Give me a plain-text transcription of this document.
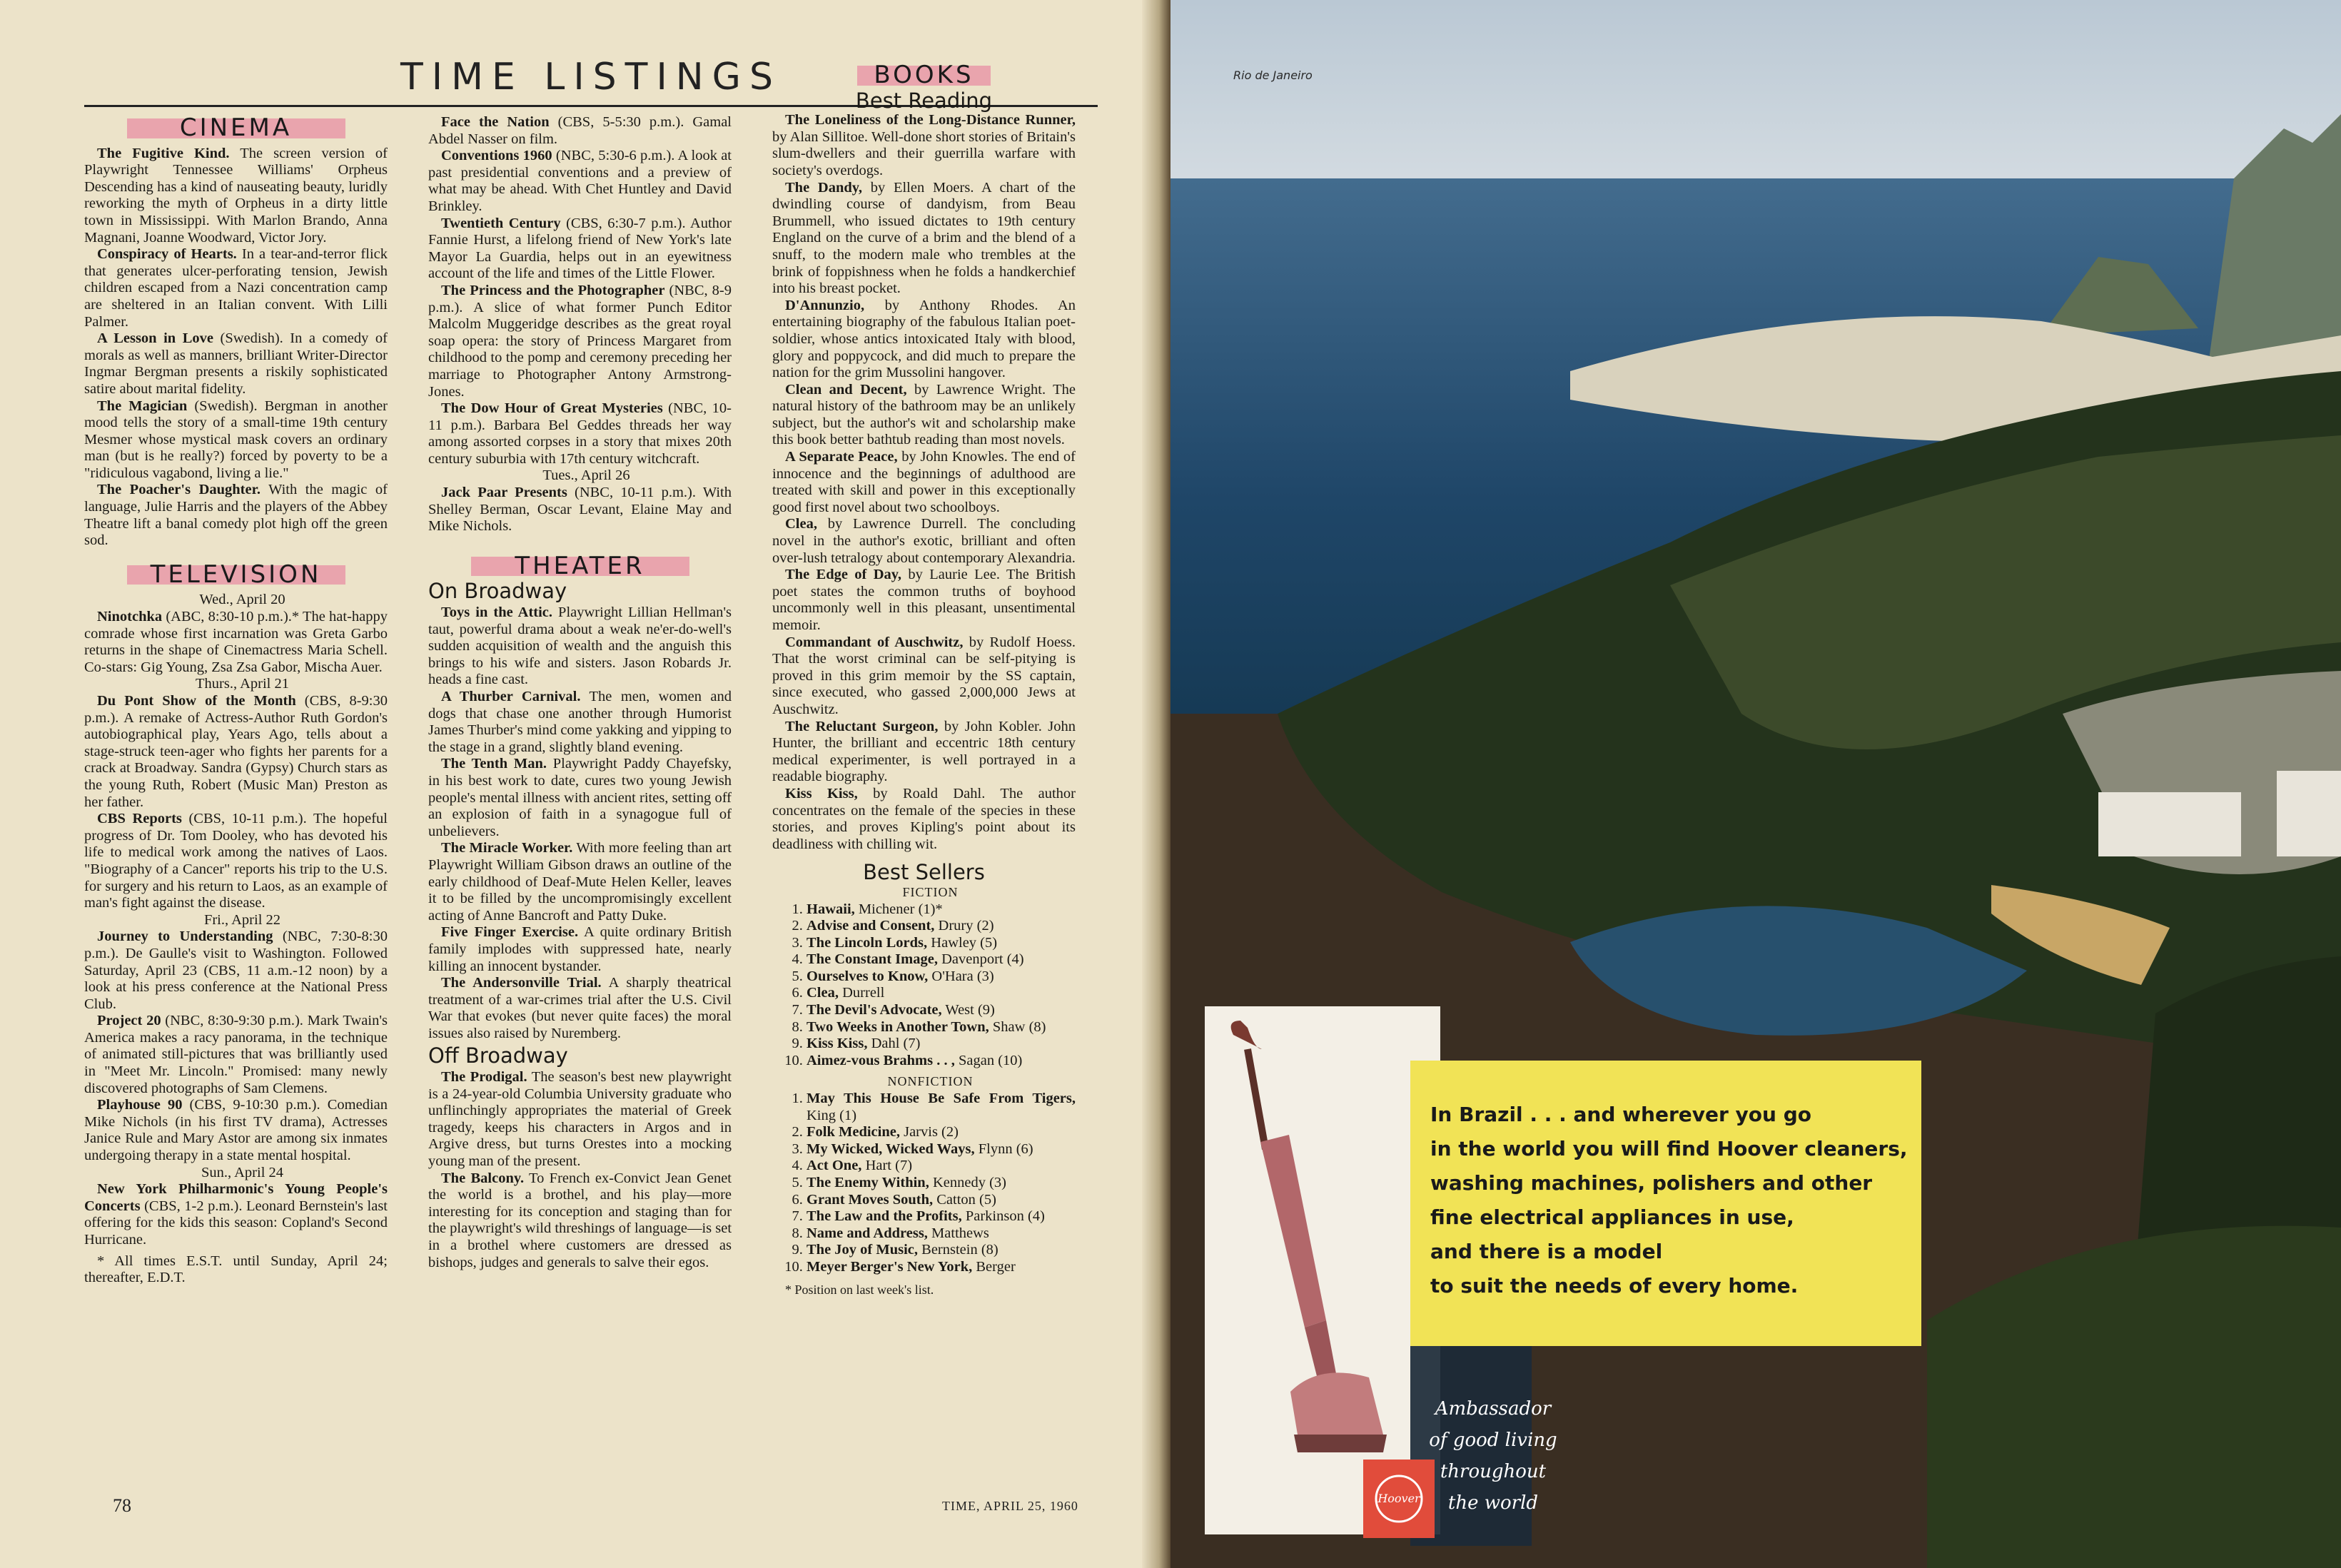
TIME LISTINGS
CINEMA

The Fugitive Kind. The screen version of Playwright Tennessee Williams' Orpheus Descending has a kind of nauseating beauty, luridly reworking the myth of Orpheus in a dirty little town in Mississippi. With Marlon Brando, Anna Magnani, Joanne Woodward, Victor Jory.

Conspiracy of Hearts. In a tear-and-terror flick that generates ulcer-perforating tension, Jewish children escaped from a Nazi concentration camp are sheltered in an Italian convent. With Lilli Palmer.

A Lesson in Love (Swedish). In a comedy of morals as well as manners, brilliant Writer-Director Ingmar Bergman presents a riskily sophisticated satire about marital fidelity.

The Magician (Swedish). Bergman in another mood tells the story of a small-time 19th century Mesmer whose mystical mask covers an ordinary man (but is he really?) forced by poverty to be a "ridiculous vagabond, living a lie."

The Poacher's Daughter. With the magic of language, Julie Harris and the players of the Abbey Theatre lift a banal comedy plot high off the green sod.

TELEVISION

Wed., April 20

Ninotchka (ABC, 8:30-10 p.m.).* The hat-happy comrade whose first incarnation was Greta Garbo returns in the shape of Cinemactress Maria Schell. Co-stars: Gig Young, Zsa Zsa Gabor, Mischa Auer.

Thurs., April 21

Du Pont Show of the Month (CBS, 8-9:30 p.m.). A remake of Actress-Author Ruth Gordon's autobiographical play, Years Ago, tells about a stage-struck teen-ager who fights her parents for a crack at Broadway. Sandra (Gypsy) Church stars as the young Ruth, Robert (Music Man) Preston as her father.

CBS Reports (CBS, 10-11 p.m.). The hopeful progress of Dr. Tom Dooley, who has devoted his life to medical work among the natives of Laos. "Biography of a Cancer" reports his trip to the U.S. for surgery and his return to Laos, as an example of man's fight against the disease.

Fri., April 22

Journey to Understanding (NBC, 7:30-8:30 p.m.). De Gaulle's visit to Washington. Followed Saturday, April 23 (CBS, 11 a.m.-12 noon) by a look at his press conference at the National Press Club.

Project 20 (NBC, 8:30-9:30 p.m.). Mark Twain's America makes a racy panorama, in the technique of animated still-pictures that was brilliantly used in "Meet Mr. Lincoln." Promised: many newly discovered photographs of Sam Clemens.

Playhouse 90 (CBS, 9-10:30 p.m.). Comedian Mike Nichols (in his first TV drama), Actresses Janice Rule and Mary Astor are among six inmates undergoing therapy in a state mental hospital.

Sun., April 24

New York Philharmonic's Young People's Concerts (CBS, 1-2 p.m.). Leonard Bernstein's last offering for the kids this season: Copland's Second Hurricane.

* All times E.S.T. until Sunday, April 24; thereafter, E.D.T.

Face the Nation (CBS, 5-5:30 p.m.). Gamal Abdel Nasser on film.

Conventions 1960 (NBC, 5:30-6 p.m.). A look at past presidential conventions and a preview of what may be ahead. With Chet Huntley and David Brinkley.

Twentieth Century (CBS, 6:30-7 p.m.). Author Fannie Hurst, a lifelong friend of New York's late Mayor La Guardia, helps out in an eyewitness account of the life and times of the Little Flower.

The Princess and the Photographer (NBC, 8-9 p.m.). A slice of what former Punch Editor Malcolm Muggeridge describes as the great royal soap opera: the story of Princess Margaret from childhood to the pomp and ceremony preceding her marriage to Photographer Antony Armstrong-Jones.

The Dow Hour of Great Mysteries (NBC, 10-11 p.m.). Barbara Bel Geddes threads her way among assorted corpses in a story that mixes 20th century suburbia with 17th century witchcraft.

Tues., April 26

Jack Paar Presents (NBC, 10-11 p.m.). With Shelley Berman, Oscar Levant, Elaine May and Mike Nichols.

THEATER
On Broadway

Toys in the Attic. Playwright Lillian Hellman's taut, powerful drama about a weak ne'er-do-well's sudden acquisition of wealth and the anguish this brings to his wife and sisters. Jason Robards Jr. heads a fine cast.

A Thurber Carnival. The men, women and dogs that chase one another through Humorist James Thurber's mind come yakking and yipping to the stage in a grand, slightly bland evening.

The Tenth Man. Playwright Paddy Chayefsky, in his best work to date, cures two young Jewish people's mental illness with ancient rites, setting off an explosion of faith in a synagogue full of unbelievers.

The Miracle Worker. With more feeling than art Playwright William Gibson draws an outline of the early childhood of Deaf-Mute Helen Keller, leaves it to be filled by the uncompromisingly excellent acting of Anne Bancroft and Patty Duke.

Five Finger Exercise. A quite ordinary British family implodes with suppressed hate, nearly killing an innocent bystander.

The Andersonville Trial. A sharply theatrical treatment of a war-crimes trial after the U.S. Civil War that evokes (but never quite faces) the moral issues also raised by Nuremberg.

Off Broadway

The Prodigal. The season's best new playwright is a 24-year-old Columbia University graduate who unflinchingly appropriates the material of Greek tragedy, keeps his characters in Argos and in Argive dress, but turns Orestes into a mocking young man of the present.

The Balcony. To French ex-Convict Jean Genet the world is a brothel, and his play—more interesting for its conception and staging than for the playwright's wild threshings of language—is set in a brothel where customers are dressed as bishops, judges and generals to salve their egos.

BOOKS
Best Reading

The Loneliness of the Long-Distance Runner, by Alan Sillitoe. Well-done short stories of Britain's slum-dwellers and their guerrilla warfare with society's overdogs.

The Dandy, by Ellen Moers. A chart of the dwindling course of dandyism, from Beau Brummell, who issued dictates to 19th century England on the curve of a brim and the blend of a snuff, to the modern male who trembles at the brink of foppishness when he folds a handkerchief into his breast pocket.

D'Annunzio, by Anthony Rhodes. An entertaining biography of the fabulous Italian poet-soldier, whose antics intoxicated Italy with blood, glory and poppycock, and did much to prepare the nation for the grim Mussolini hangover.

Clean and Decent, by Lawrence Wright. The natural history of the bathroom may be an unlikely subject, but the author's wit and scholarship make this book better bathtub reading than most novels.

A Separate Peace, by John Knowles. The end of innocence and the beginnings of adulthood are treated with skill and power in this exceptionally good first novel about two schoolboys.

Clea, by Lawrence Durrell. The concluding novel in the author's exotic, brilliant and often over-lush tetralogy about contemporary Alexandria.

The Edge of Day, by Laurie Lee. The British poet states the common truths of boyhood uncommonly well in this pleasant, unsentimental memoir.

Commandant of Auschwitz, by Rudolf Hoess. That the worst criminal can be self-pitying is proved in this grim memoir by the SS captain, since executed, who gassed 2,000,000 Jews at Auschwitz.

The Reluctant Surgeon, by John Kobler. John Hunter, the brilliant and eccentric 18th century medical experimenter, is well portrayed in a readable biography.

Kiss Kiss, by Roald Dahl. The author concentrates on the female of the species in these stories, and proves Kipling's point about its deadliness with chilling wit.

Best Sellers

FICTION

1. Hawaii, Michener (1)*
2. Advise and Consent, Drury (2)
3. The Lincoln Lords, Hawley (5)
4. The Constant Image, Davenport (4)
5. Ourselves to Know, O'Hara (3)
6. Clea, Durrell
7. The Devil's Advocate, West (9)
8. Two Weeks in Another Town, Shaw (8)
9. Kiss Kiss, Dahl (7)
10. Aimez-vous Brahms . . , Sagan (10)

NONFICTION

1. May This House Be Safe From Tigers, King (1)
2. Folk Medicine, Jarvis (2)
3. My Wicked, Wicked Ways, Flynn (6)
4. Act One, Hart (7)
5. The Enemy Within, Kennedy (3)
6. Grant Moves South, Catton (5)
7. The Law and the Profits, Parkinson (4)
8. Name and Address, Matthews
9. The Joy of Music, Bernstein (8)
10. Meyer Berger's New York, Berger

* Position on last week's list.

78	TIME, APRIL 25, 1960
Rio de Janeiro
In Brazil . . . and wherever you go
in the world you will find Hoover cleaners,
washing machines, polishers and other
fine electrical appliances in use,
and there is a model
to suit the needs of every home.
Ambassador
of good living
throughout
the world
Hoover
